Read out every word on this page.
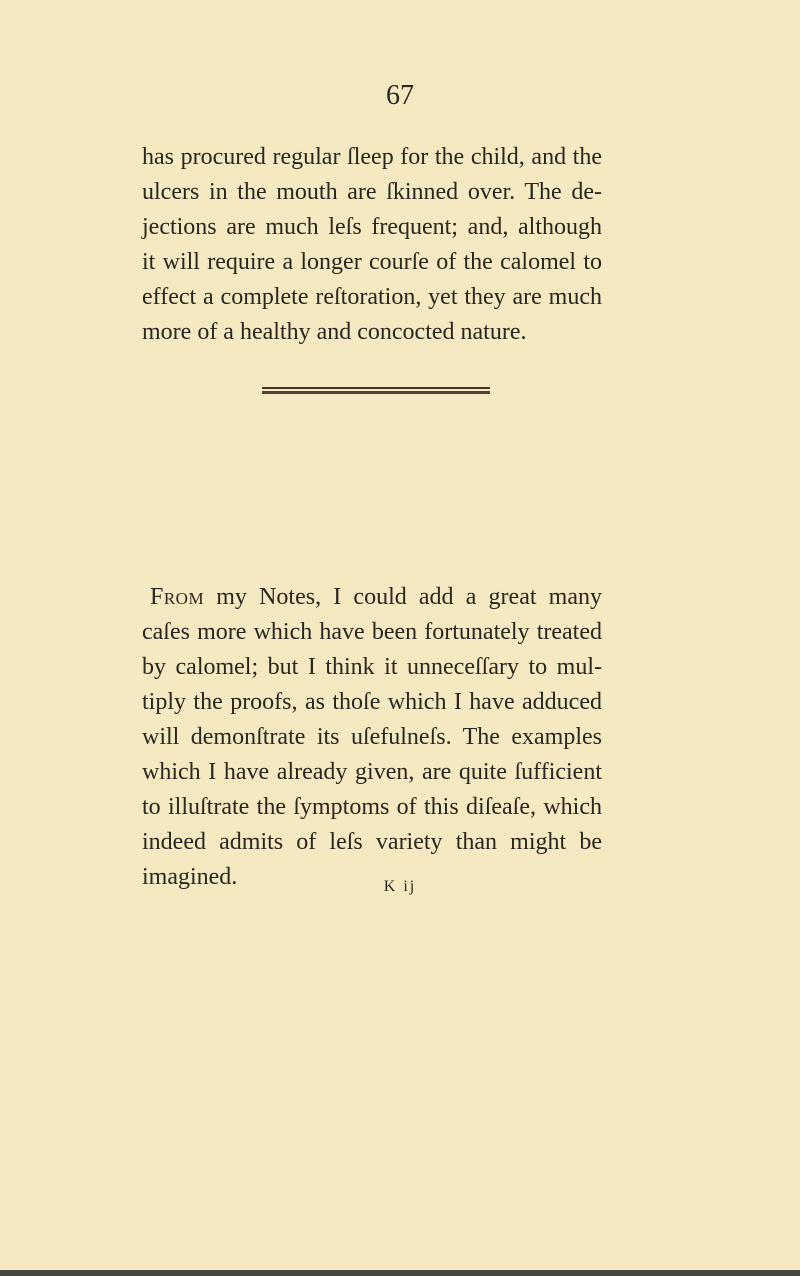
67
has procured regular ſleep for the child, and the
ulcers in the mouth are ſkinned over. The de-
jections are much leſs frequent; and, although
it will require a longer courſe of the calomel to
effect a complete reſtoration, yet they are much
more of a healthy and concocted nature.
From my Notes, I could add a great many
caſes more which have been fortunately treated
by calomel; but I think it unneceſſary to mul-
tiply the proofs, as thoſe which I have adduced
will demonſtrate its uſefulneſs. The examples
which I have already given, are quite ſufficient
to illuſtrate the ſymptoms of this diſeaſe, which
indeed admits of leſs variety than might be
imagined.	K ij
